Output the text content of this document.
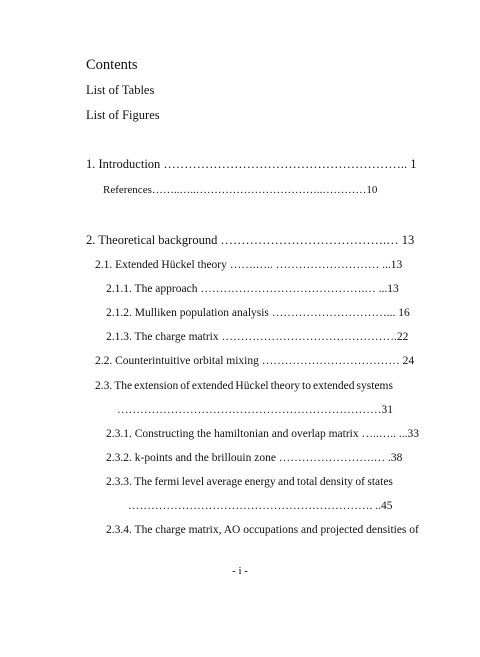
Contents
List of Tables
List of Figures
1. Introduction ………………………………………………….. 1
References……..…..……………………………..…………10
2. Theoretical background ………………………………….… 13
2.1. Extended Hückel theory …….….. ……………………… ...13
2.1.1. The approach …………………………………….… ...13
2.1.2. Mulliken population analysis …………………………... 16
2.1.3. The charge matrix ……………………………………….22
2.2. Counterintuitive orbital mixing ……………………………… 24
2.3. The extension of extended Hückel theory to extended systems
……………………………………………………………31
2.3.1. Constructing the hamiltonian and overlap matrix …..….. ...33
2.3.2. k-points and the brillouin zone …………………….… .38
2.3.3. The fermi level average energy and total density of states
………………………………………………………. ..45
2.3.4. The charge matrix, AO occupations and projected densities of
- i -
